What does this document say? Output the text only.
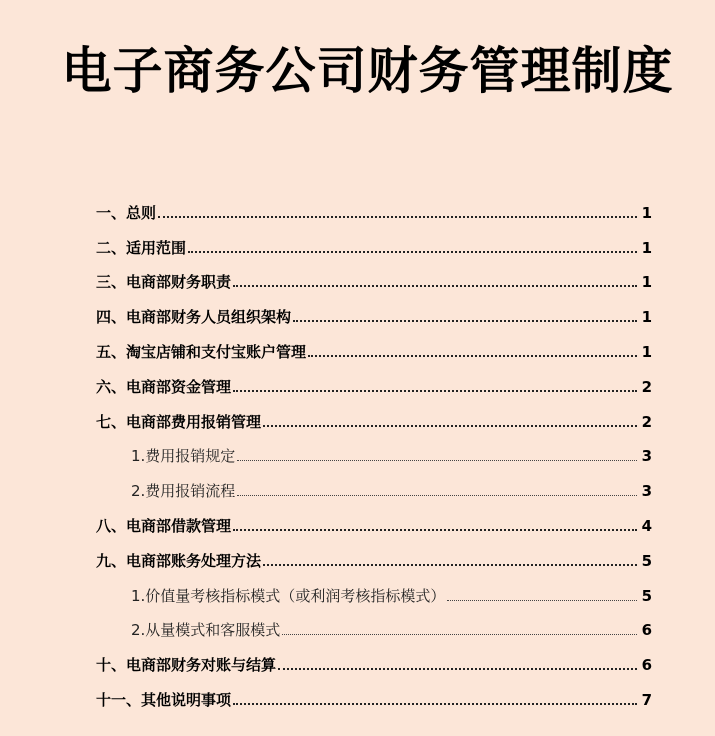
电子商务公司财务管理制度
一、总则	1
二、适用范围	1
三、电商部财务职责	1
四、电商部财务人员组织架构	1
五、淘宝店铺和支付宝账户管理	1
六、电商部资金管理	2
七、电商部费用报销管理	2
1.费用报销规定	3
2.费用报销流程	3
八、电商部借款管理	4
九、电商部账务处理方法	5
1.价值量考核指标模式（或利润考核指标模式）	5
2.从量模式和客服模式	6
十、电商部财务对账与结算	6
十一、其他说明事项	7
